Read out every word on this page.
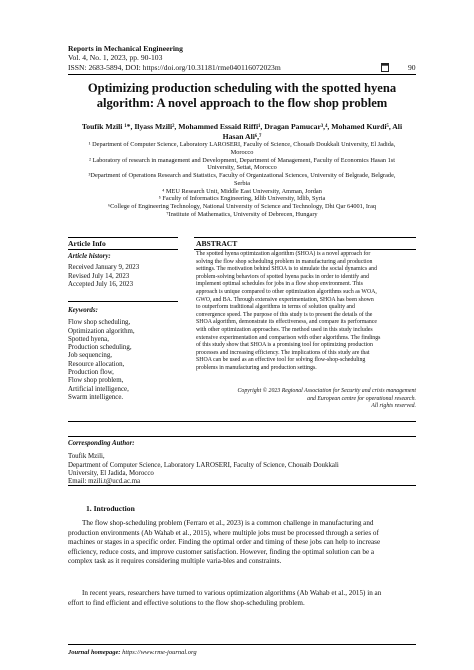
Reports in Mechanical Engineering
Vol. 4, No. 1, 2023, pp. 90-103
ISSN: 2683-5894, DOI: https://doi.org/10.31181/rme040116072023m	90
Optimizing production scheduling with the spotted hyena
algorithm: A novel approach to the flow shop problem
Toufik Mzili ¹*, Ilyass Mzili², Mohammed Essaid Riffi¹, Dragan Pamucar³,⁴, Mohamed Kurdi⁵, Ali
Hasan Ali⁶,⁷
¹ Department of Computer Science, Laboratory LAROSERI, Faculty of Science, Chouaib Doukkali University, El Jadida,
Morocco
² Laboratory of research in management and Development, Department of Management, Faculty of Economics Hasan 1st
University, Settat, Morocco
³Department of Operations Research and Statistics, Faculty of Organizational Sciences, University of Belgrade, Belgrade,
Serbia
⁴ MEU Research Unit, Middle East University, Amman, Jordan
⁵ Faculty of Informatics Engineering, Idlib University, Idlib, Syria
⁶College of Engineering Technology, National University of Science and Technology, Dhi Qar 64001, Iraq
⁷Institute of Mathematics, University of Debrecen, Hungary
Article Info	ABSTRACT
Article history:
Received January 9, 2023
Revised July 14, 2023
Accepted July 16, 2023
Keywords:
Flow shop scheduling,
Optimization algorithm,
Spotted hyena,
Production scheduling,
Job sequencing,
Resource allocation,
Production flow,
Flow shop problem,
Artificial intelligence,
Swarm intelligence.
The spotted hyena optimization algorithm (SHOA) is a novel approach for
solving the flow shop scheduling problem in manufacturing and production
settings. The motivation behind SHOA is to simulate the social dynamics and
problem-solving behaviors of spotted hyena packs in order to identify and
implement optimal schedules for jobs in a flow shop environment. This
approach is unique compared to other optimization algorithms such as WOA,
GWO, and BA. Through extensive experimentation, SHOA has been shown
to outperform traditional algorithms in terms of solution quality and
convergence speed. The purpose of this study is to present the details of the
SHOA algorithm, demonstrate its effectiveness, and compare its performance
with other optimization approaches. The method used in this study includes
extensive experimentation and comparison with other algorithms. The findings
of this study show that SHOA is a promising tool for optimizing production
processes and increasing efficiency. The implications of this study are that
SHOA can be used as an effective tool for solving flow-shop-scheduling
problems in manufacturing and production settings.
Copyright © 2023 Regional Association for Security and crisis management
and European centre for operational research.
All rights reserved.
Corresponding Author:
Toufik Mzili,
Department of Computer Science, Laboratory LAROSERI, Faculty of Science, Chouaib Doukkali
University, El Jadida, Morocco
Email: mzili.t@ucd.ac.ma
1. Introduction
The flow shop-scheduling problem (Ferraro et al., 2023) is a common challenge in manufacturing and
production environments (Ab Wahab et al., 2015), where multiple jobs must be processed through a series of
machines or stages in a specific order. Finding the optimal order and timing of these jobs can help to increase
efficiency, reduce costs, and improve customer satisfaction. However, finding the optimal solution can be a
complex task as it requires considering multiple varia-bles and constraints.
In recent years, researchers have turned to various optimization algorithms (Ab Wahab et al., 2015) in an
effort to find efficient and effective solutions to the flow shop-scheduling problem.
Journal homepage: https://www.rme-journal.org
